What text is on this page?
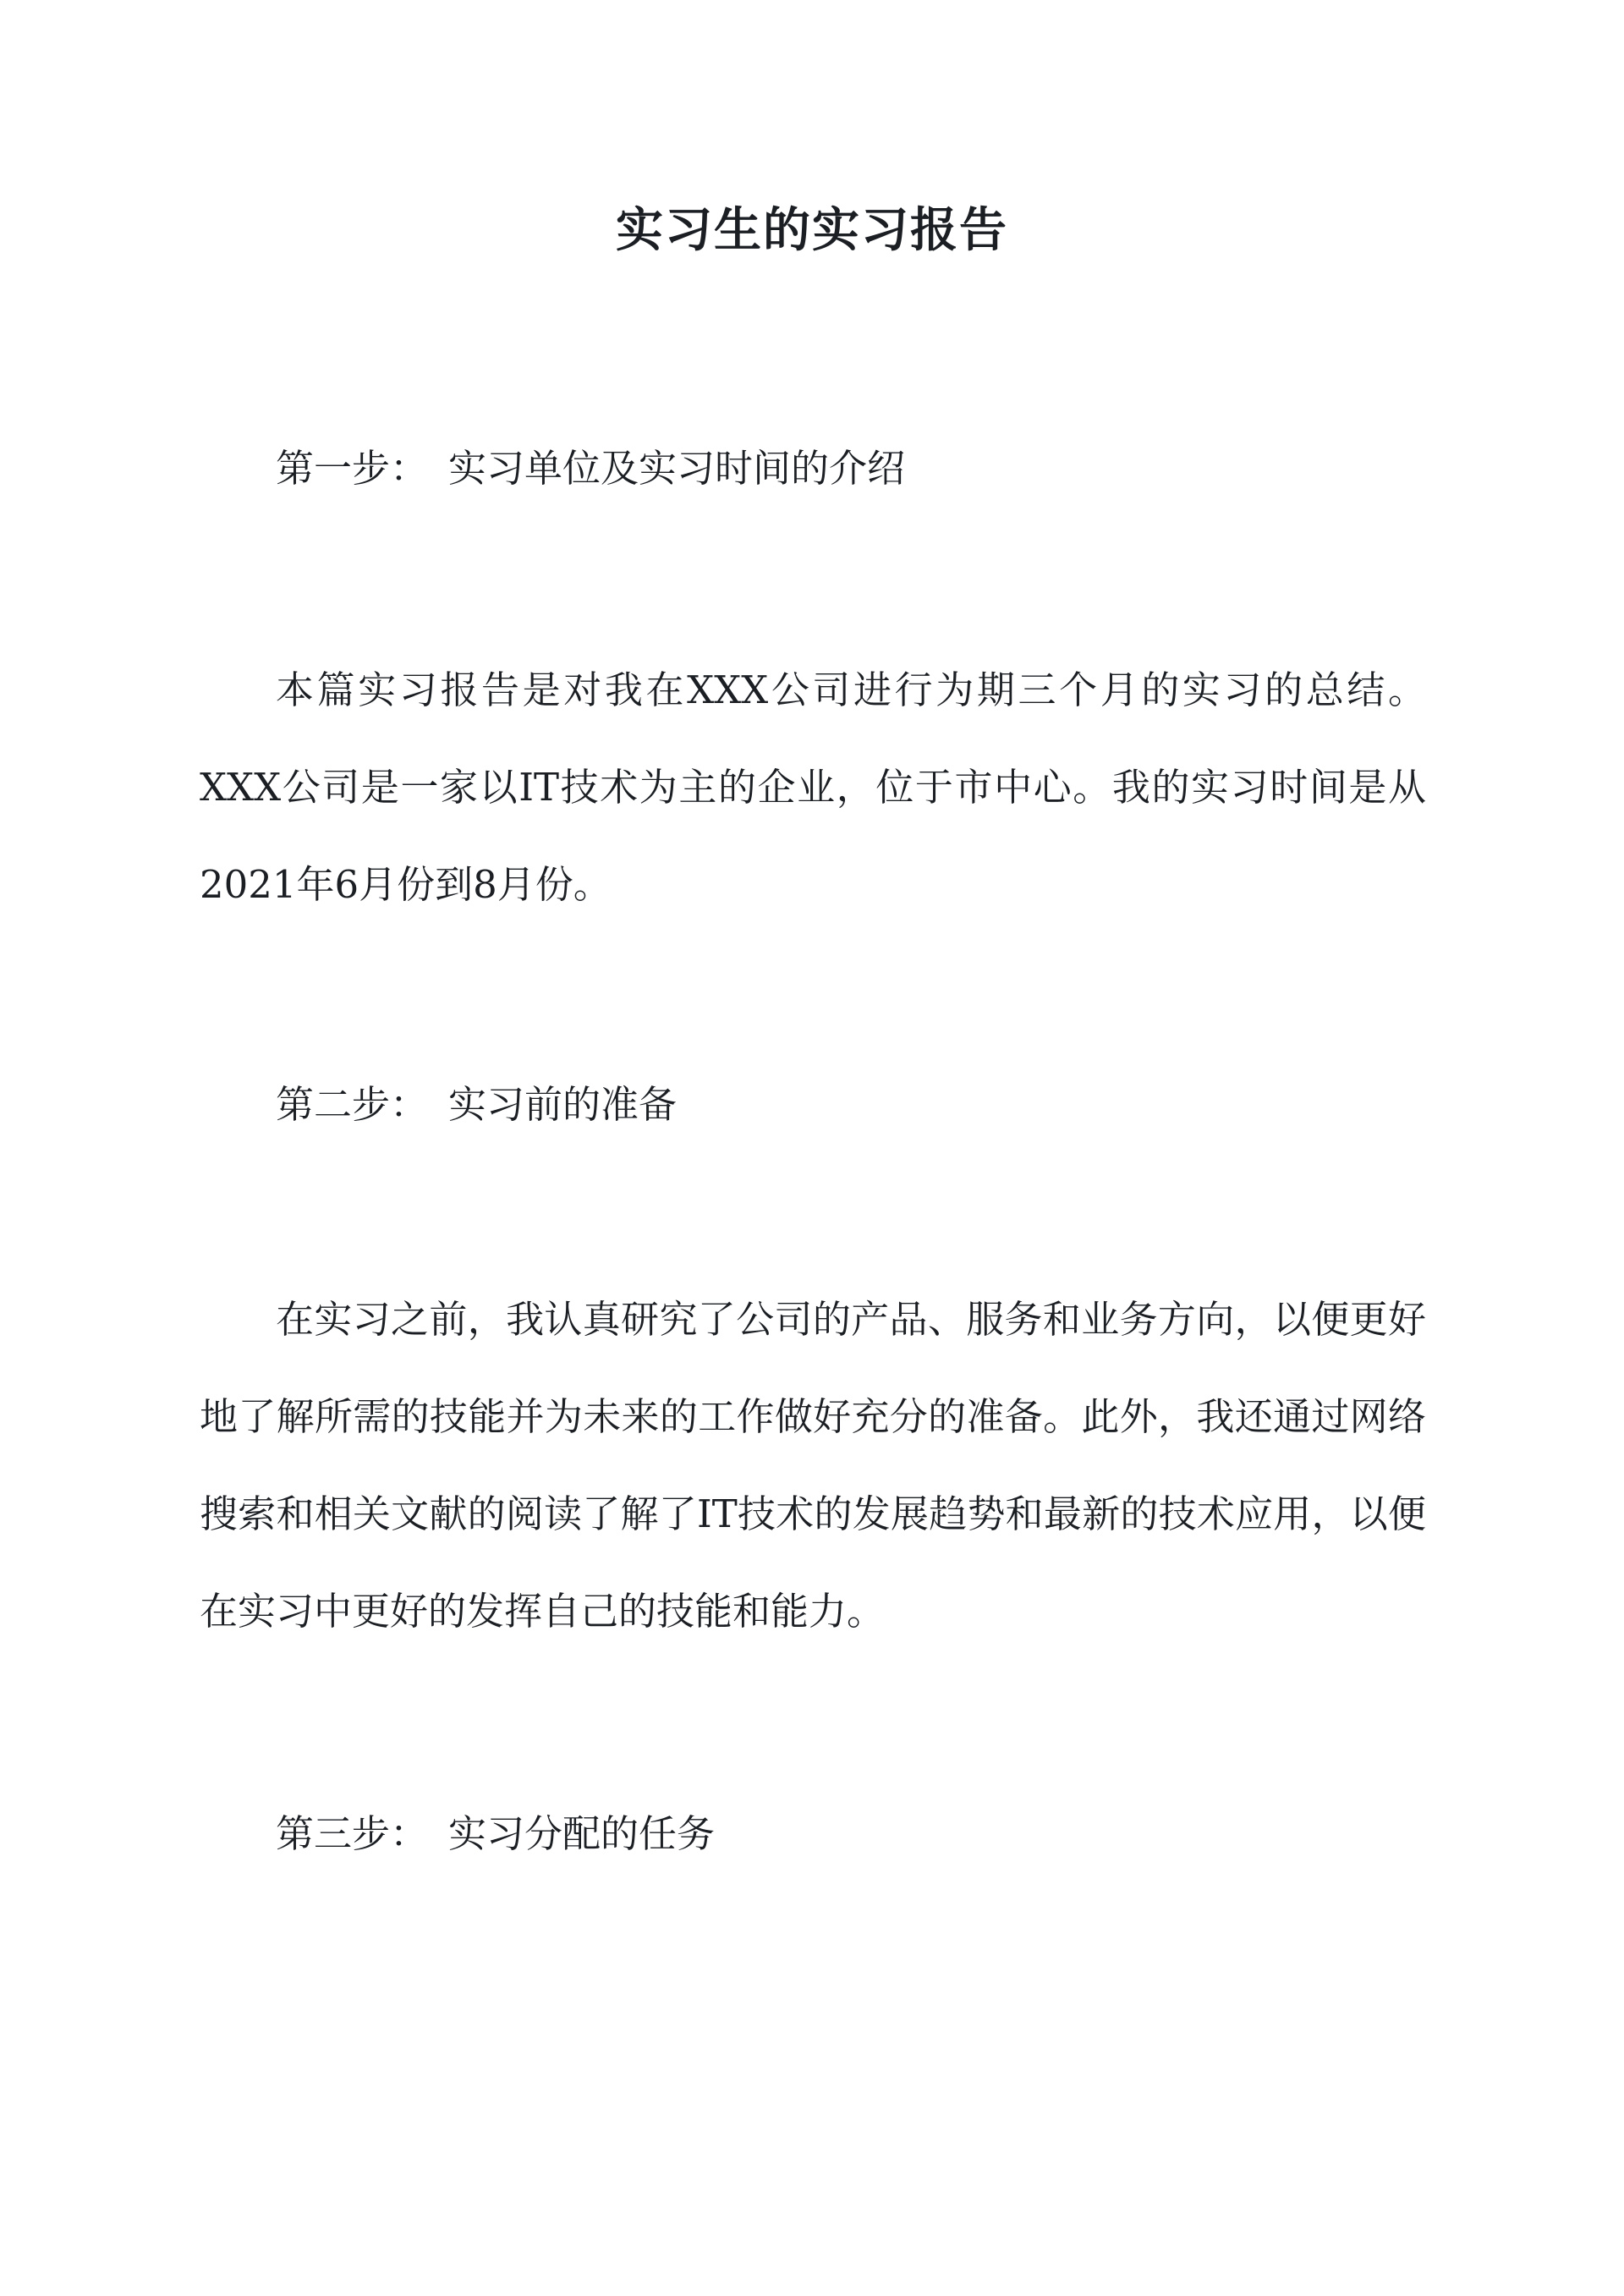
实习生的实习报告

第一步： 实习单位及实习时间的介绍

本篇实习报告是对我在XXX公司进行为期三个月的实习的总结。XXX公司是一家以IT技术为主的企业，位于市中心。我的实习时间是从2021年6月份到8月份。

第二步： 实习前的准备

在实习之前，我认真研究了公司的产品、服务和业务方向，以便更好地了解所需的技能并为未来的工作做好充分的准备。此外，我还通过网络搜索和相关文献的阅读了解了IT技术的发展趋势和最新的技术应用，以便在实习中更好的发挥自己的技能和能力。

第三步： 实习分配的任务
